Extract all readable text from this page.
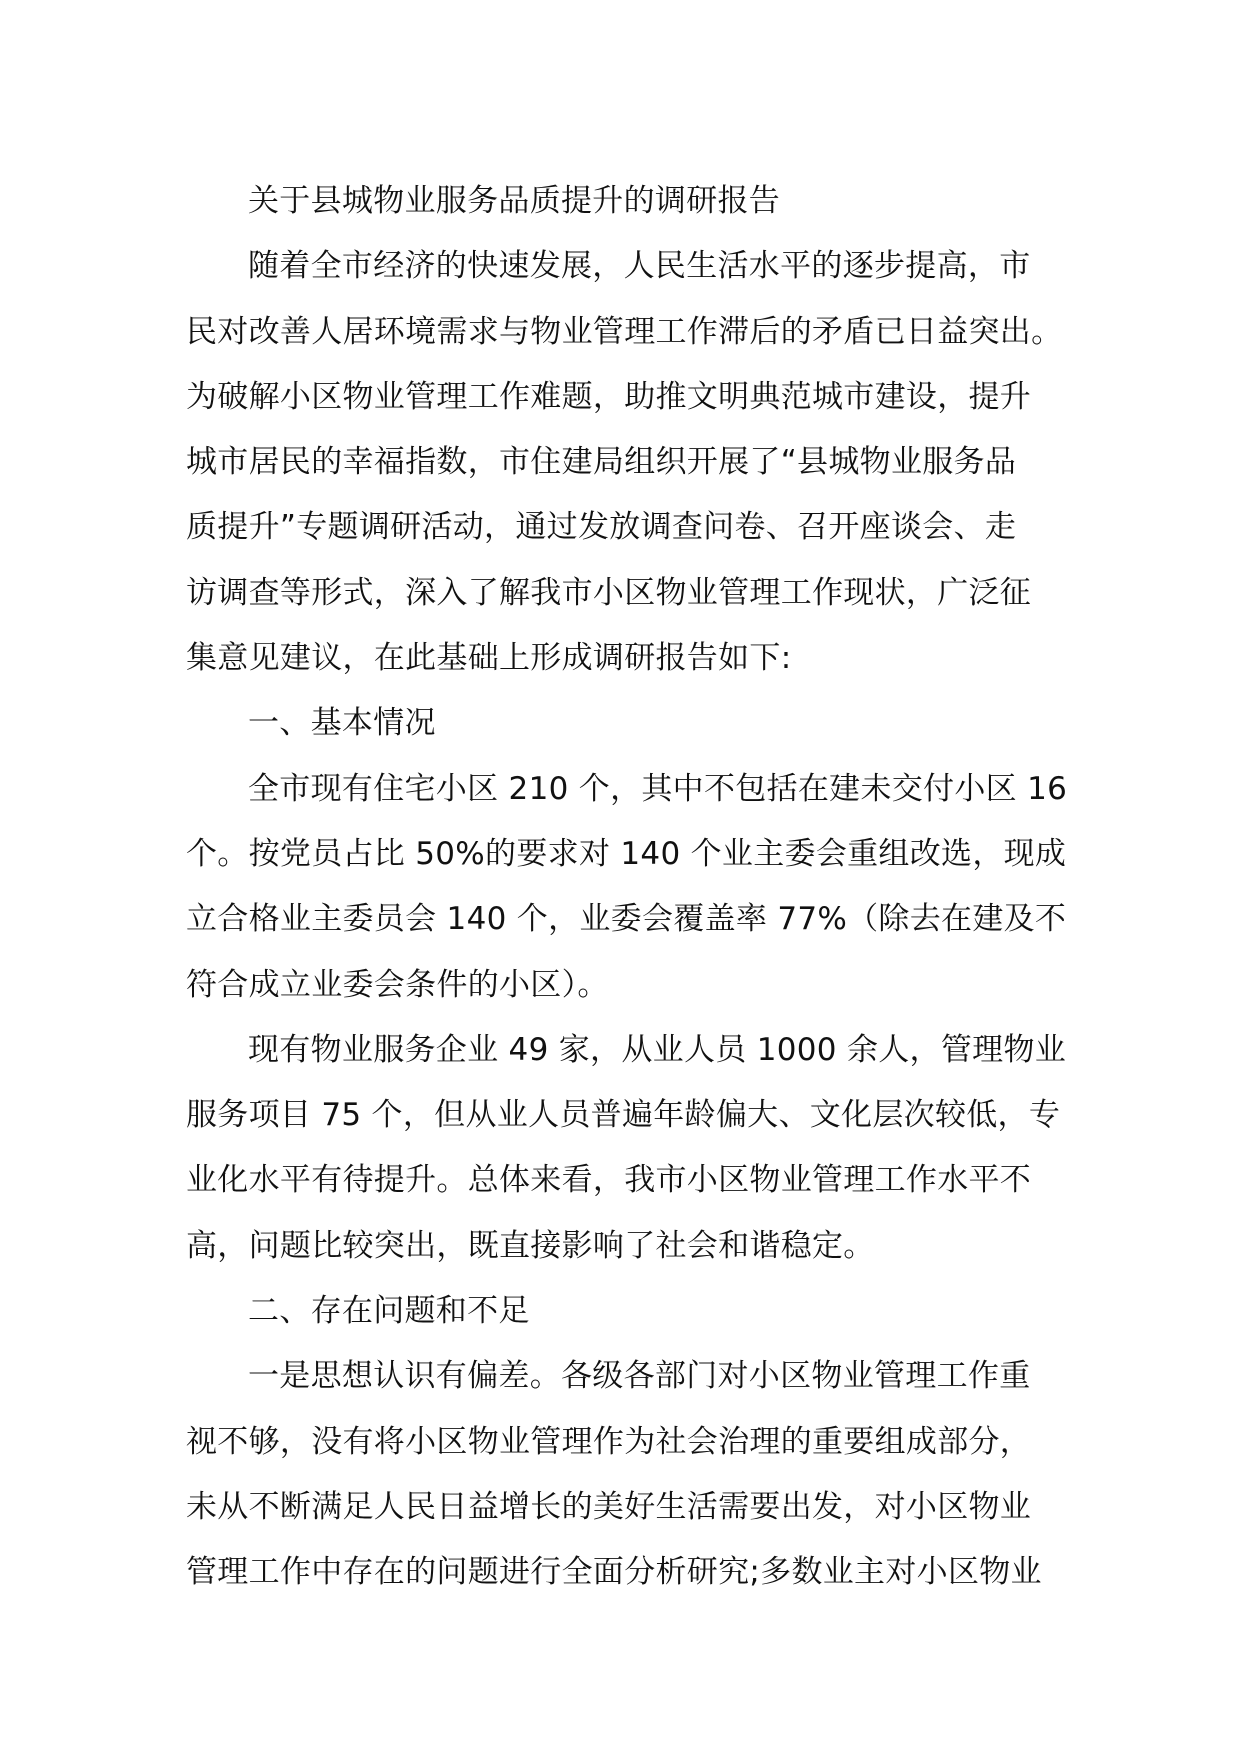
关于县城物业服务品质提升的调研报告
随着全市经济的快速发展，人民生活水平的逐步提高，市
民对改善人居环境需求与物业管理工作滞后的矛盾已日益突出。
为破解小区物业管理工作难题，助推文明典范城市建设，提升
城市居民的幸福指数，市住建局组织开展了“县城物业服务品
质提升”专题调研活动，通过发放调查问卷、召开座谈会、走
访调查等形式，深入了解我市小区物业管理工作现状，广泛征
集意见建议，在此基础上形成调研报告如下:
一、基本情况
全市现有住宅小区 210 个，其中不包括在建未交付小区 16
个。按党员占比 50%的要求对 140 个业主委会重组改选，现成
立合格业主委员会 140 个，业委会覆盖率 77%（除去在建及不
符合成立业委会条件的小区）。
现有物业服务企业 49 家，从业人员 1000 余人，管理物业
服务项目 75 个，但从业人员普遍年龄偏大、文化层次较低，专
业化水平有待提升。总体来看，我市小区物业管理工作水平不
高，问题比较突出，既直接影响了社会和谐稳定。
二、存在问题和不足
一是思想认识有偏差。各级各部门对小区物业管理工作重
视不够，没有将小区物业管理作为社会治理的重要组成部分，
未从不断满足人民日益增长的美好生活需要出发，对小区物业
管理工作中存在的问题进行全面分析研究;多数业主对小区物业
